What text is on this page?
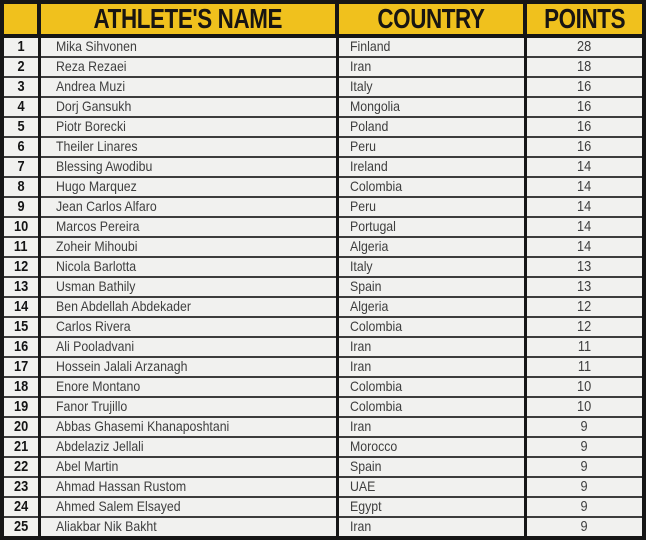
	ATHLETE'S NAME	COUNTRY	POINTS
1	Mika Sihvonen	Finland	28
2	Reza Rezaei	Iran	18
3	Andrea Muzi	Italy	16
4	Dorj Gansukh	Mongolia	16
5	Piotr Borecki	Poland	16
6	Theiler Linares	Peru	16
7	Blessing Awodibu	Ireland	14
8	Hugo Marquez	Colombia	14
9	Jean Carlos Alfaro	Peru	14
10	Marcos Pereira	Portugal	14
11	Zoheir Mihoubi	Algeria	14
12	Nicola Barlotta	Italy	13
13	Usman Bathily	Spain	13
14	Ben Abdellah Abdekader	Algeria	12
15	Carlos Rivera	Colombia	12
16	Ali Pooladvani	Iran	11
17	Hossein Jalali Arzanagh	Iran	11
18	Enore Montano	Colombia	10
19	Fanor Trujillo	Colombia	10
20	Abbas Ghasemi Khanaposhtani	Iran	9
21	Abdelaziz Jellali	Morocco	9
22	Abel Martin	Spain	9
23	Ahmad Hassan Rustom	UAE	9
24	Ahmed Salem Elsayed	Egypt	9
25	Aliakbar Nik Bakht	Iran	9
